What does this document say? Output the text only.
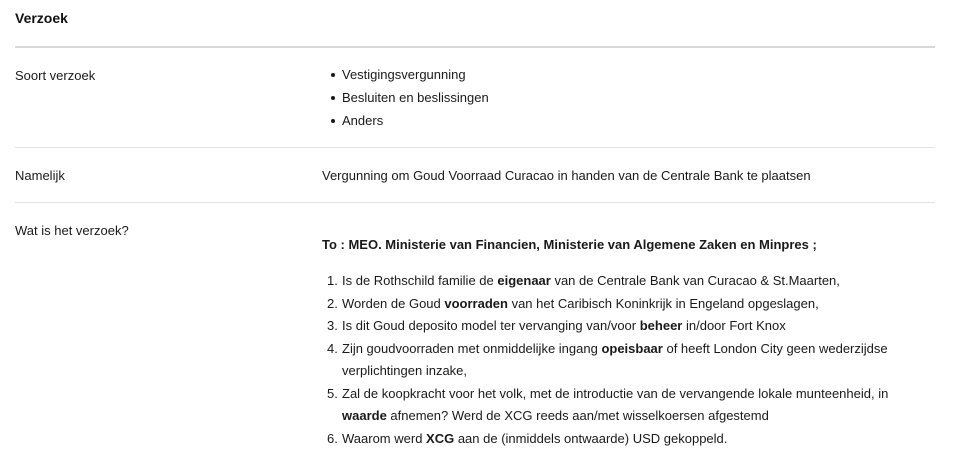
Verzoek
Soort verzoek	Vestigingsvergunning
Besluiten en beslissingen
Anders
Namelijk	Vergunning om Goud Voorraad Curacao in handen van de Centrale Bank te plaatsen
Wat is het verzoek?
To : MEO. Ministerie van Financien, Ministerie van Algemene Zaken en Minpres ;
1. Is de Rothschild familie de eigenaar van de Centrale Bank van Curacao & St.Maarten,
2. Worden de Goud voorraden van het Caribisch Koninkrijk in Engeland opgeslagen,
3. Is dit Goud deposito model ter vervanging van/voor beheer in/door Fort Knox
4. Zijn goudvoorraden met onmiddelijke ingang opeisbaar of heeft London City geen wederzijdse verplichtingen inzake,
5. Zal de koopkracht voor het volk, met de introductie van de vervangende lokale munteenheid, in waarde afnemen? Werd de XCG reeds aan/met wisselkoersen afgestemd
6. Waarom werd XCG aan de (inmiddels ontwaarde) USD gekoppeld.
